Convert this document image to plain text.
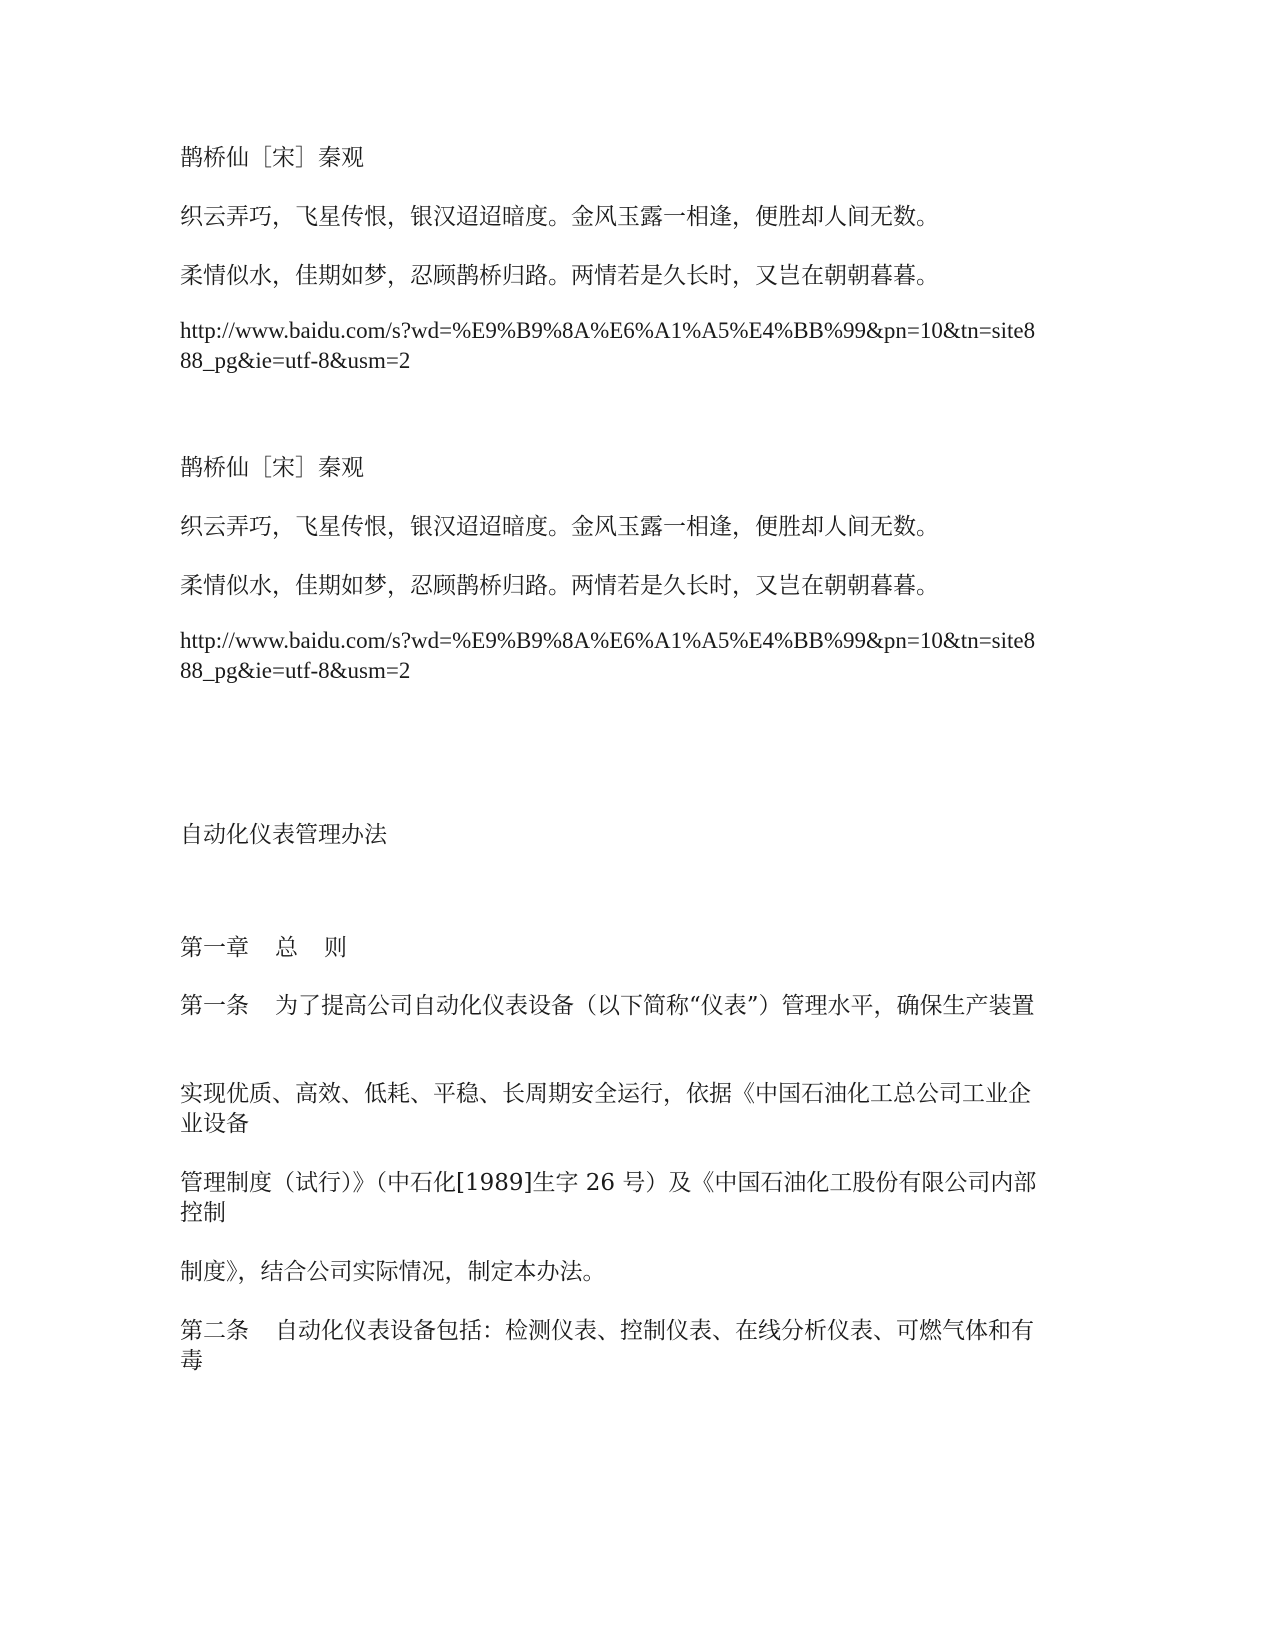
鹊桥仙［宋］秦观
织云弄巧，飞星传恨，银汉迢迢暗度。金风玉露一相逢，便胜却人间无数。
柔情似水，佳期如梦，忍顾鹊桥归路。两情若是久长时，又岂在朝朝暮暮。
http://www.baidu.com/s?wd=%E9%B9%8A%E6%A1%A5%E4%BB%99&pn=10&tn=site888_pg&ie=utf-8&usm=2
鹊桥仙［宋］秦观
织云弄巧，飞星传恨，银汉迢迢暗度。金风玉露一相逢，便胜却人间无数。
柔情似水，佳期如梦，忍顾鹊桥归路。两情若是久长时，又岂在朝朝暮暮。
http://www.baidu.com/s?wd=%E9%B9%8A%E6%A1%A5%E4%BB%99&pn=10&tn=site888_pg&ie=utf-8&usm=2
自动化仪表管理办法
第一章 总 则
第一条 为了提高公司自动化仪表设备（以下简称“仪表”）管理水平，确保生产装置
实现优质、高效、低耗、平稳、长周期安全运行，依据《中国石油化工总公司工业企业设备
管理制度（试行）》（中石化[1989]生字 26 号）及《中国石油化工股份有限公司内部控制
制度》，结合公司实际情况，制定本办法。
第二条 自动化仪表设备包括：检测仪表、控制仪表、在线分析仪表、可燃气体和有毒
